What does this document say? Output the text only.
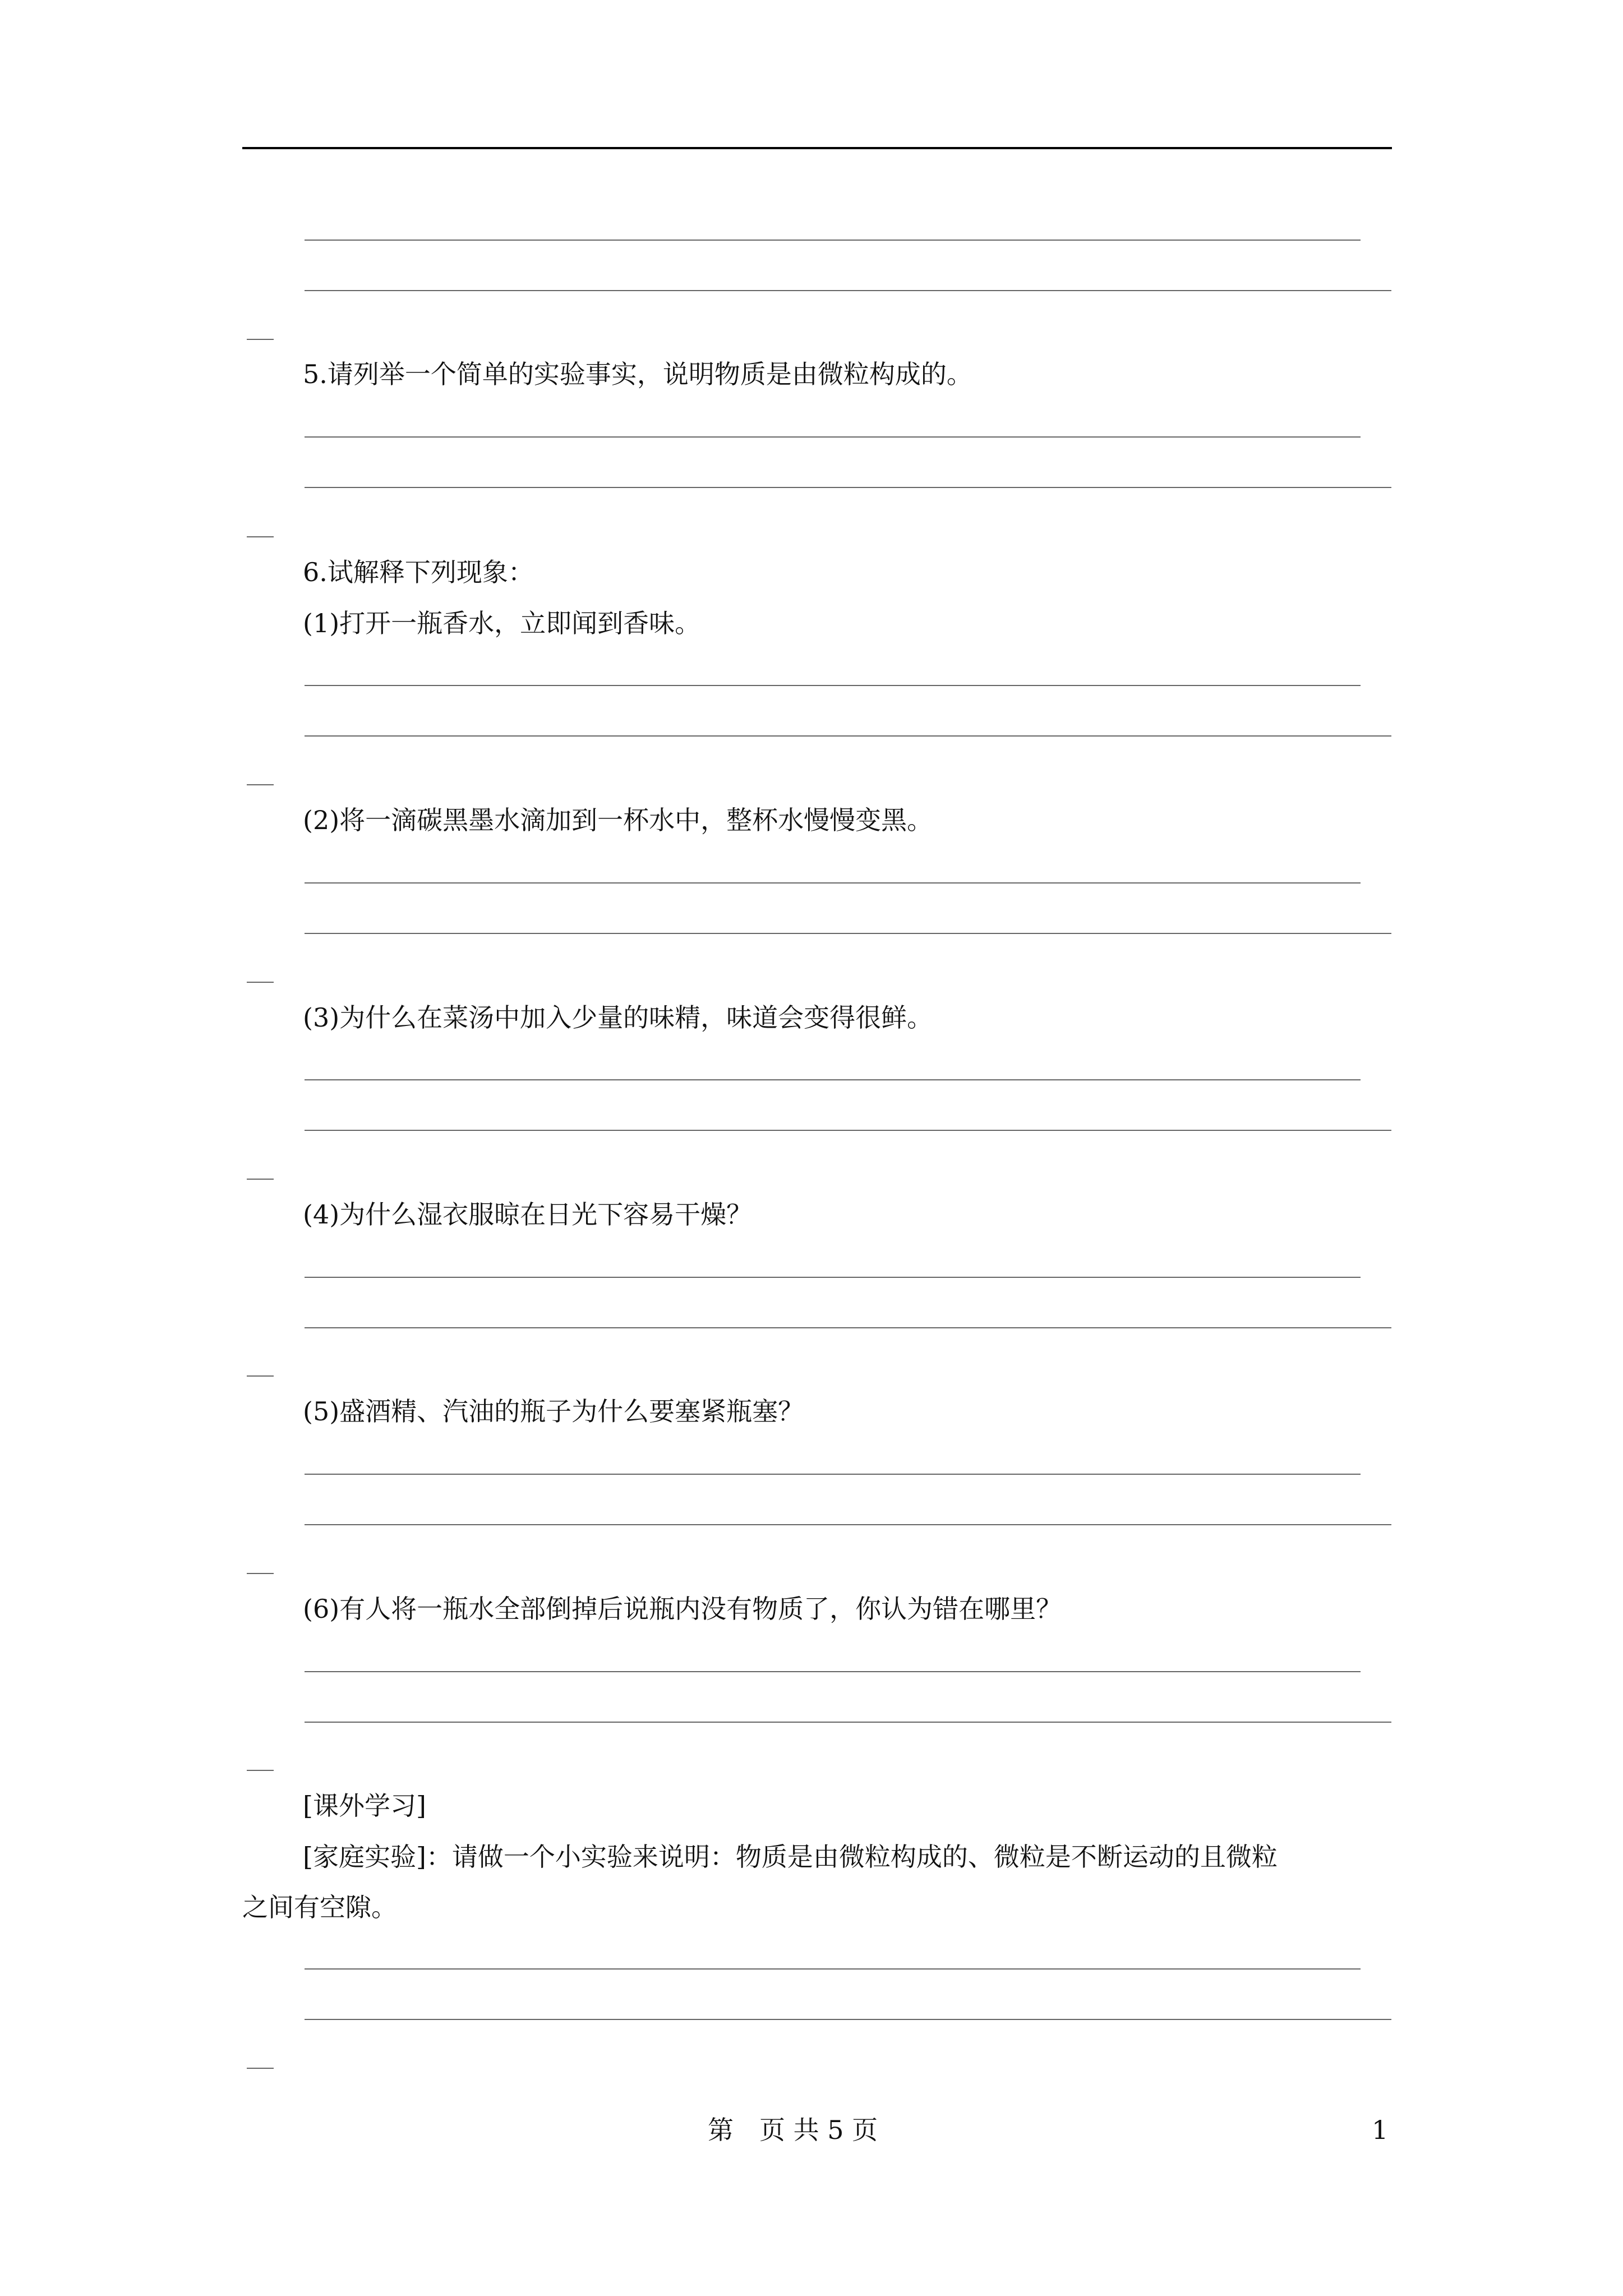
5.请列举一个简单的实验事实，说明物质是由微粒构成的。
6.试解释下列现象：
(1)打开一瓶香水，立即闻到香味。
(2)将一滴碳黑墨水滴加到一杯水中，整杯水慢慢变黑。
(3)为什么在菜汤中加入少量的味精，味道会变得很鲜。
(4)为什么湿衣服晾在日光下容易干燥？
(5)盛酒精、汽油的瓶子为什么要塞紧瓶塞？
(6)有人将一瓶水全部倒掉后说瓶内没有物质了，你认为错在哪里？
[课外学习]
[家庭实验]：请做一个小实验来说明：物质是由微粒构成的、微粒是不断运动的且微粒
之间有空隙。
第　页 共 5 页	1
